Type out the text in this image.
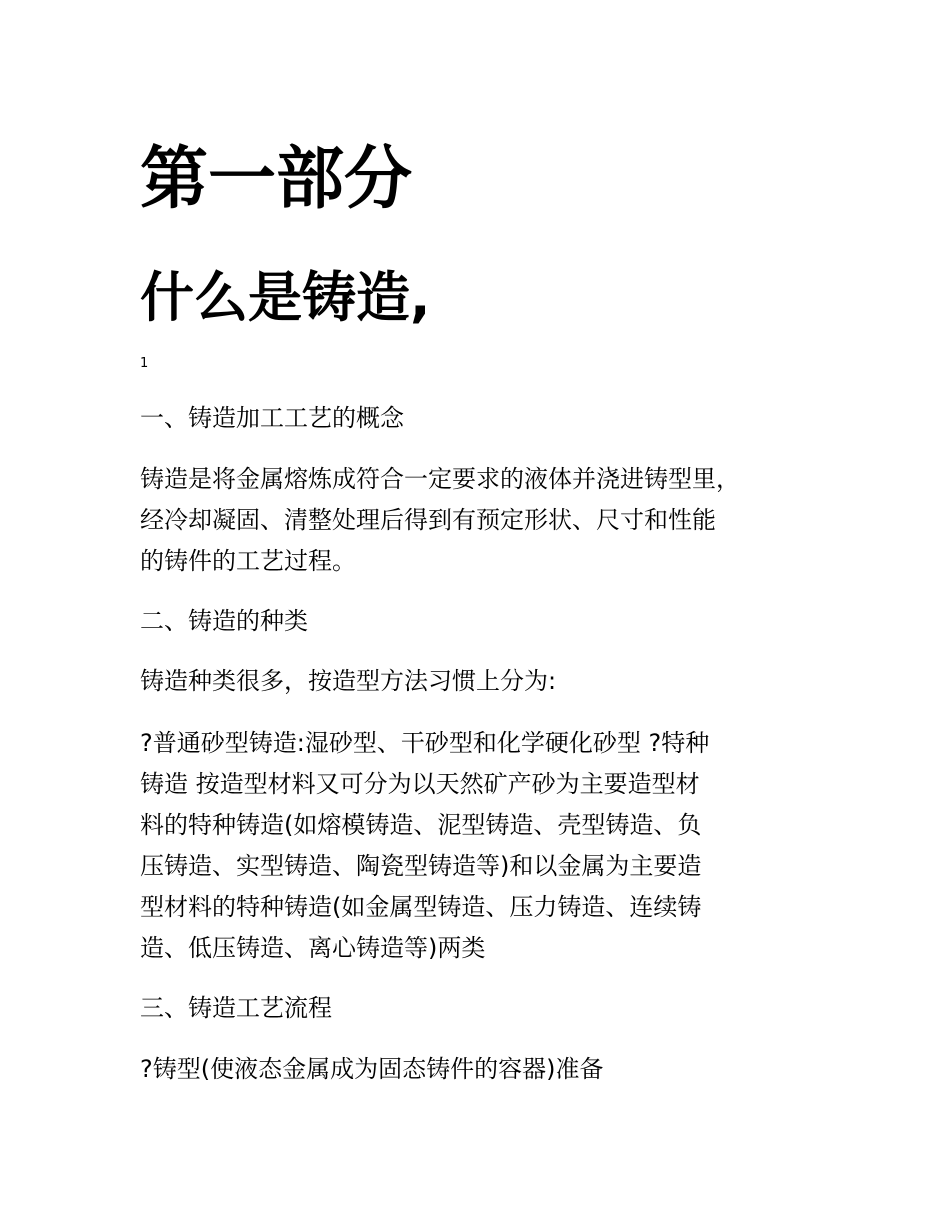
第一部分
什么是铸造,
1
一、铸造加工工艺的概念
铸造是将金属熔炼成符合一定要求的液体并浇进铸型里，
经冷却凝固、清整处理后得到有预定形状、尺寸和性能
的铸件的工艺过程。
二、铸造的种类
铸造种类很多，按造型方法习惯上分为:
?普通砂型铸造:湿砂型、干砂型和化学硬化砂型 ?特种
铸造 按造型材料又可分为以天然矿产砂为主要造型材
料的特种铸造(如熔模铸造、泥型铸造、壳型铸造、负
压铸造、实型铸造、陶瓷型铸造等)和以金属为主要造
型材料的特种铸造(如金属型铸造、压力铸造、连续铸
造、低压铸造、离心铸造等)两类
三、铸造工艺流程
?铸型(使液态金属成为固态铸件的容器)准备
